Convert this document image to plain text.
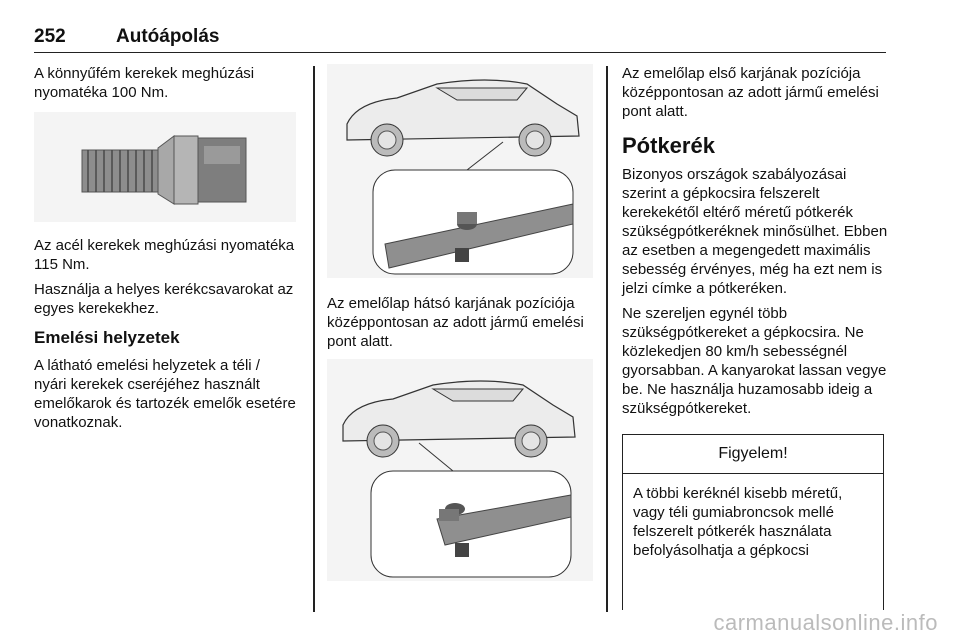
252	Autóápolás

A könnyűfém kerekek meghúzási nyomatéka 100 Nm.

Az acél kerekek meghúzási nyomatéka 115 Nm.

Használja a helyes kerékcsavarokat az egyes kerekekhez.

Emelési helyzetek

A látható emelési helyzetek a téli / nyári kerekek cseréjéhez használt emelőkarok és tartozék emelők esetére vonatkoznak.

Az emelőlap hátsó karjának pozíciója középpontosan az adott jármű emelési pont alatt.

Az emelőlap első karjának pozíciója középpontosan az adott jármű emelési pont alatt.

Pótkerék

Bizonyos országok szabályozásai szerint a gépkocsira felszerelt kerekekétől eltérő méretű pótkerék szükségpótkeréknek minősülhet. Ebben az esetben a megengedett maximális sebesség érvényes, még ha ezt nem is jelzi címke a pótkeréken.

Ne szereljen egynél több szükségpótkereket a gépkocsira. Ne közlekedjen 80 km/h sebességnél gyorsabban. A kanyarokat lassan vegye be. Ne használja huzamosabb ideig a szükségpótkereket.

Figyelem!
A többi keréknél kisebb méretű, vagy téli gumiabroncsok mellé felszerelt pótkerék használata befolyásolhatja a gépkocsi
carmanualsonline.info
